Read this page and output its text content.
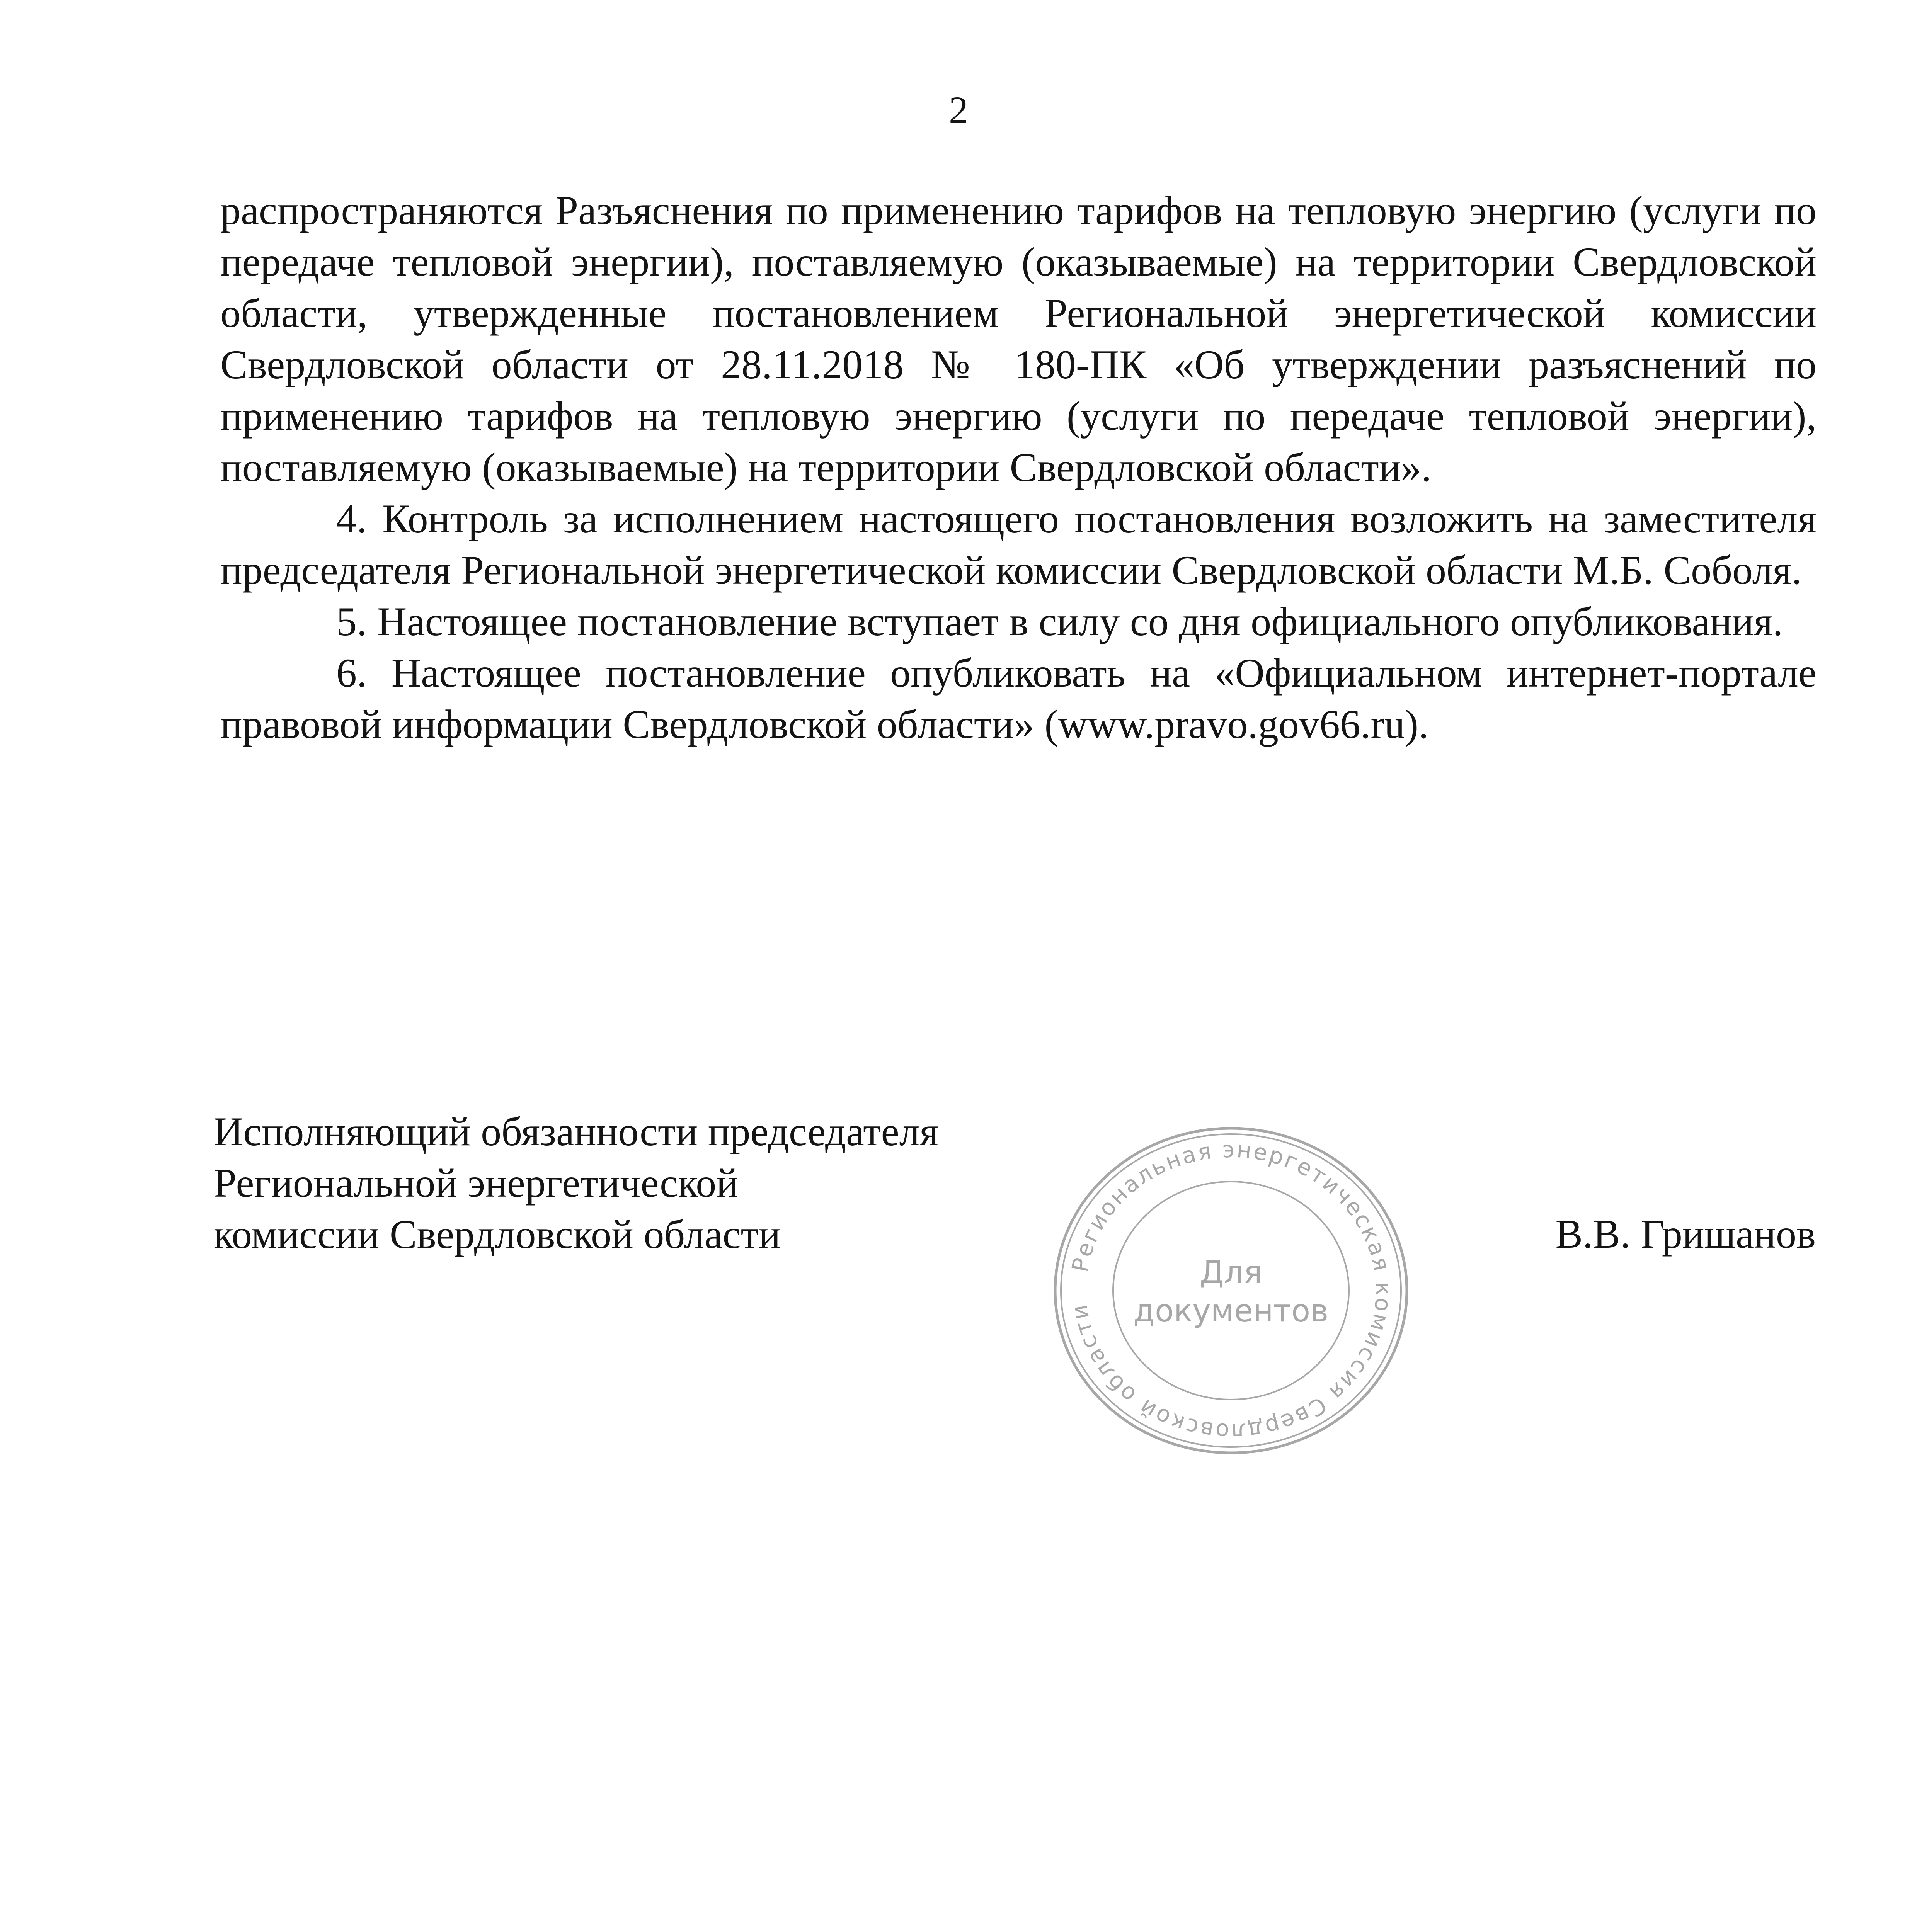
2

распространяются Разъяснения по применению тарифов на тепловую энергию (услуги по передаче тепловой энергии), поставляемую (оказываемые) на территории Свердловской области, утвержденные постановлением Региональной энергетической комиссии Свердловской области от 28.11.2018 № 180-ПК «Об утверждении разъяснений по применению тарифов на тепловую энергию (услуги по передаче тепловой энергии), поставляемую (оказываемые) на территории Свердловской области».

4. Контроль за исполнением настоящего постановления возложить на заместителя председателя Региональной энергетической комиссии Свердловской области М.Б. Соболя.

5. Настоящее постановление вступает в силу со дня официального опубликования.

6. Настоящее постановление опубликовать на «Официальном интернет-портале правовой информации Свердловской области» (www.pravo.gov66.ru).

Исполняющий обязанности председателя
Региональной энергетической
комиссии Свердловской области
Региональная энергетическая комиссия Свердловской области
Для
документов
В.В. Гришанов
